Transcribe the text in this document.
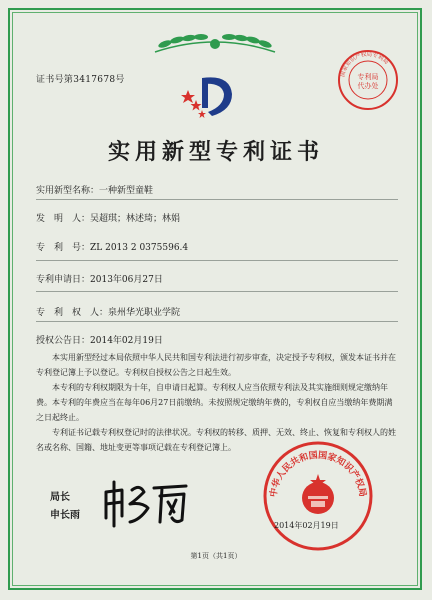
证书号第3417678号
国家知识产权局专利局
专利局
代办处
实用新型专利证书
实用新型名称：一种新型童鞋
发　明　人：吴超琪；林述琦；林娟
专　利　号：ZL 2013 2 0375596.4
专利申请日：2013年06月27日
专　利　权　人：泉州华光职业学院
授权公告日：2014年02月19日

本实用新型经过本局依照中华人民共和国专利法进行初步审查，决定授予专利权，颁发本证书并在专利登记簿上予以登记。专利权自授权公告之日起生效。

本专利的专利权期限为十年，自申请日起算。专利权人应当依照专利法及其实施细则规定缴纳年费。本专利的年费应当在每年06月27日前缴纳。未按照规定缴纳年费的，专利权自应当缴纳年费期满之日起终止。

专利证书记载专利权登记时的法律状况。专利权的转移、质押、无效、终止、恢复和专利权人的姓名或名称、国籍、地址变更等事项记载在专利登记簿上。

局长
申长雨
中华人民共和国国家知识产权局
2014年02月19日
第1页（共1页）
